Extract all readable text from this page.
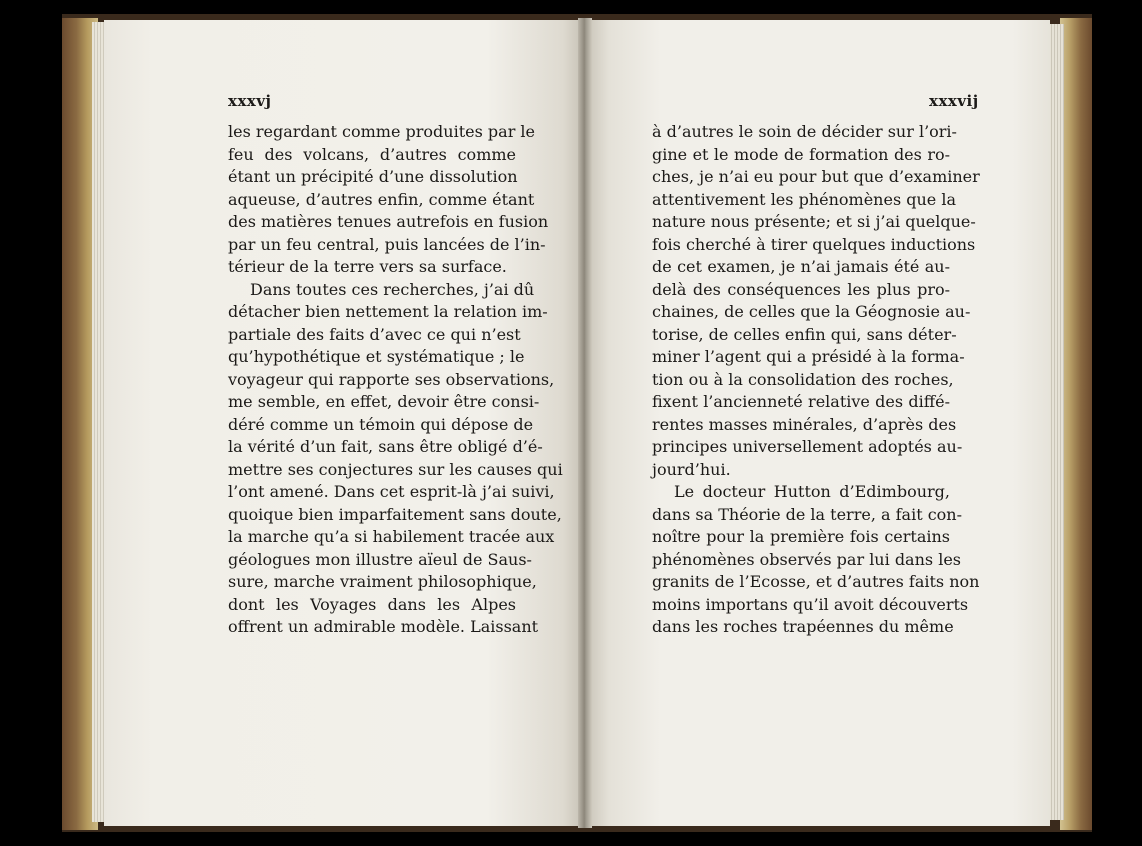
xxxvj	xxxvij
les regardant comme produites par le
feu des volcans, d’autres comme
étant un précipité d’une dissolution
aqueuse, d’autres enfin, comme étant
des matières tenues autrefois en fusion
par un feu central, puis lancées de l’in-
térieur de la terre vers sa surface.
Dans toutes ces recherches, j’ai dû
détacher bien nettement la relation im-
partiale des faits d’avec ce qui n’est
qu’hypothétique et systématique ; le
voyageur qui rapporte ses observations,
me semble, en effet, devoir être consi-
déré comme un témoin qui dépose de
la vérité d’un fait, sans être obligé d’é-
mettre ses conjectures sur les causes qui
l’ont amené. Dans cet esprit-là j’ai suivi,
quoique bien imparfaitement sans doute,
la marche qu’a si habilement tracée aux
géologues mon illustre aïeul de Saus-
sure, marche vraiment philosophique,
dont les Voyages dans les Alpes
offrent un admirable modèle. Laissant
à d’autres le soin de décider sur l’ori-
gine et le mode de formation des ro-
ches, je n’ai eu pour but que d’examiner
attentivement les phénomènes que la
nature nous présente; et si j’ai quelque-
fois cherché à tirer quelques inductions
de cet examen, je n’ai jamais été au-
delà des conséquences les plus pro-
chaines, de celles que la Géognosie au-
torise, de celles enfin qui, sans déter-
miner l’agent qui a présidé à la forma-
tion ou à la consolidation des roches,
fixent l’ancienneté relative des diffé-
rentes masses minérales, d’après des
principes universellement adoptés au-
jourd’hui.
Le docteur Hutton d’Edimbourg,
dans sa Théorie de la terre, a fait con-
noître pour la première fois certains
phénomènes observés par lui dans les
granits de l’Ecosse, et d’autres faits non
moins importans qu’il avoit découverts
dans les roches trapéennes du même
